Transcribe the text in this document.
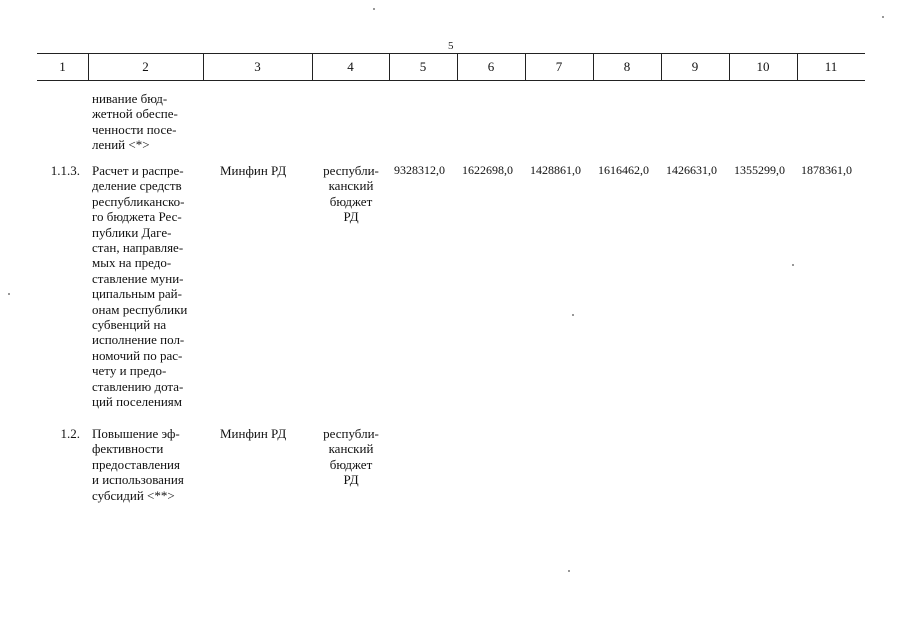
5
1	2	3	4	5	6	7	8	9	10	11
нивание бюд-
жетной обеспе-
ченности посе-
лений <*>
1.1.3. Расчет и распре-
деление средств
республиканско-
го бюджета Рес-
публики Даге-
стан, направляе-
мых на предо-
ставление муни-
ципальным рай-
онам республики
субвенций на
исполнение пол-
номочий по рас-
чету и предо-
ставлению дота-
ций поселениям
Минфин РД	республи-
канский
бюджет
РД
9328312,0 1622698,0 1428861,0 1616462,0 1426631,0 1355299,0 1878361,0
1.2. Повышение эф-
фективности
предоставления
и использования
субсидий <**>
Минфин РД	республи-
канский
бюджет
РД
